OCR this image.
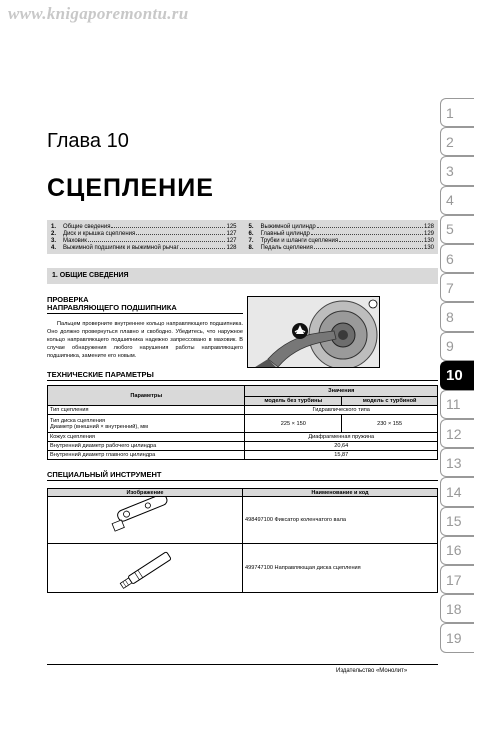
www.knigaporemontu.ru
Глава 10
СЦЕПЛЕНИЕ
1.	Общие сведения	125
2.	Диск и крышка сцепления	127
3.	Маховик	127
4.	Выжимной подшипник и выжимной рычаг	128
5.	Выжимной цилиндр	128
6.	Главный цилиндр	129
7.	Трубки и шланги сцепления	130
8.	Педаль сцепления	130
1. ОБЩИЕ СВЕДЕНИЯ
ПРОВЕРКА
НАПРАВЛЯЮЩЕГО ПОДШИПНИКА

Пальцем проверните внутреннее кольцо направляющего подшипника. Оно должно провернуться плавно и свободно. Убедитесь, что наружное кольцо направляющего подшипника надежно запрессовано в маховик. В случае обнаружения любого нарушения работы направляющего подшипника, замените его новым.

ТЕХНИЧЕСКИЕ ПАРАМЕТРЫ
Параметры	Значения	
	модель без турбины	модель с турбиной
Тип сцепления	Гидравлического типа	

Тип диска сцепления
Диаметр (внешний × внутренний), мм	225 × 150	230 × 155
Кожух сцепления	Диафрагменная пружина	
Внутренний диаметр рабочего цилиндра	20,64	
Внутренний диаметр главного цилиндра	15,87	
СПЕЦИАЛЬНЫЙ ИНСТРУМЕНТ
Изображение	Наименование и код
	498497100 Фиксатор коленчатого вала
	499747100 Направляющая диска сцепления
1
2
3
4
5
6
7
8
9
10
11
12
13
14
15
16
17
18
19
Издательство «Монолит»
